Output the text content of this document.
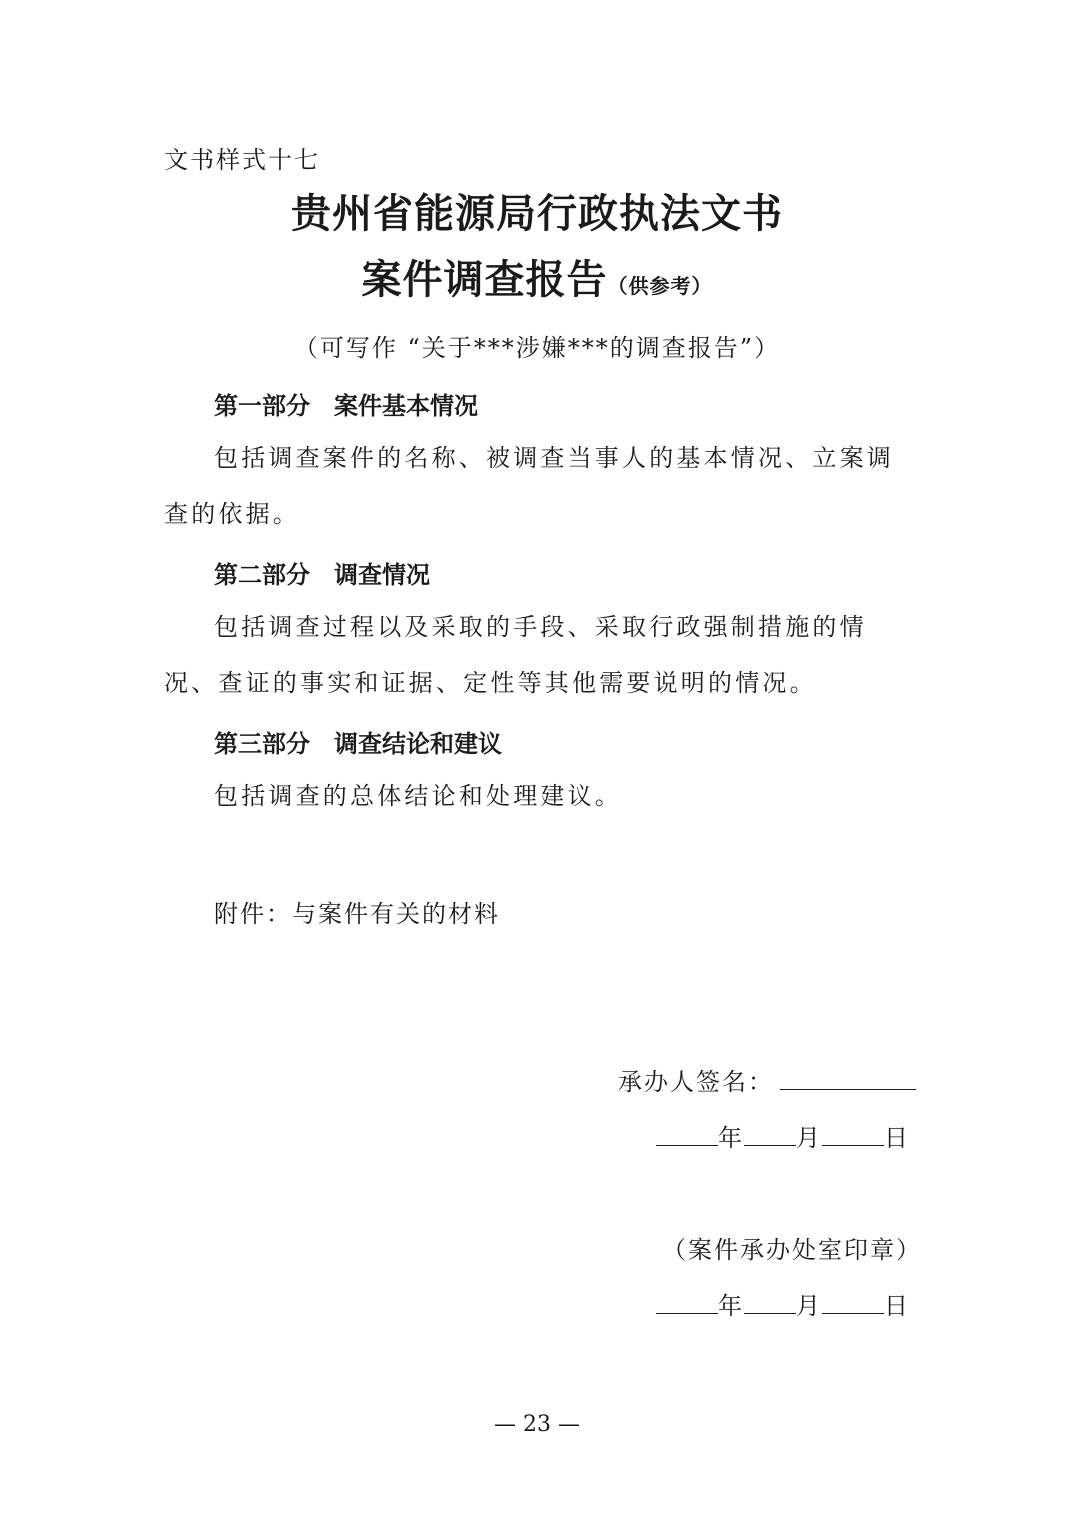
文书样式十七
贵州省能源局行政执法文书
案件调查报告（供参考）
（可写作 “关于***涉嫌***的调查报告”）
第一部分 案件基本情况
包括调查案件的名称、被调查当事人的基本情况、立案调查的依据。
第二部分 调查情况
包括调查过程以及采取的手段、采取行政强制措施的情况、查证的事实和证据、定性等其他需要说明的情况。
第三部分 调查结论和建议
包括调查的总体结论和处理建议。
附件：与案件有关的材料
承办人签名：
年 月	日
（案件承办处室印章）
年 月	日
— 23 —
